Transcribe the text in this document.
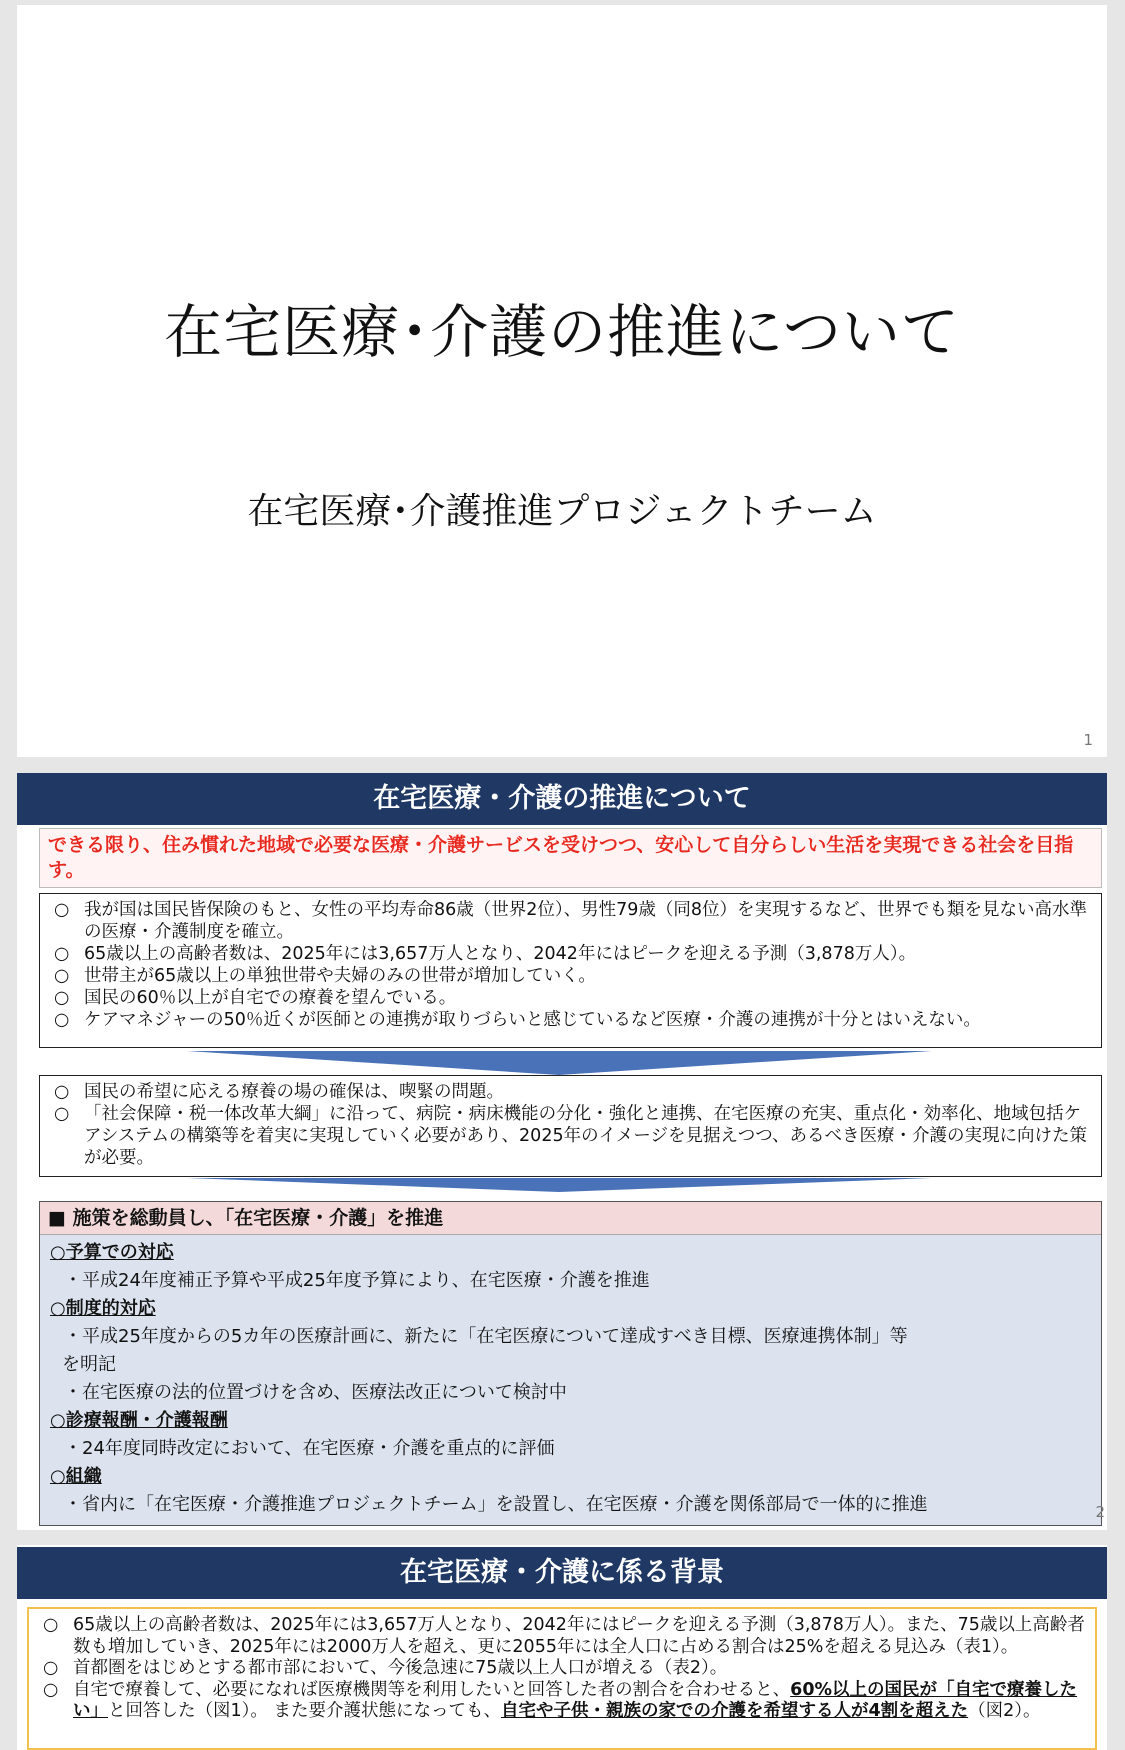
在宅医療･介護の推進について
在宅医療･介護推進プロジェクトチーム
1
在宅医療・介護の推進について
できる限り、住み慣れた地域で必要な医療・介護サービスを受けつつ、安心して自分らしい生活を実現できる社会を目指す。
○ 我が国は国民皆保険のもと、女性の平均寿命86歳（世界2位）、男性79歳（同8位）を実現するなど、世界でも類を見ない高水準の医療・介護制度を確立。
○ 65歳以上の高齢者数は、2025年には3,657万人となり、2042年にはピークを迎える予測（3,878万人）。
○ 世帯主が65歳以上の単独世帯や夫婦のみの世帯が増加していく。
○ 国民の60％以上が自宅での療養を望んでいる。
○ ケアマネジャーの50％近くが医師との連携が取りづらいと感じているなど医療・介護の連携が十分とはいえない。
○ 国民の希望に応える療養の場の確保は、喫緊の問題。
○ 「社会保障・税一体改革大綱」に沿って、病院・病床機能の分化・強化と連携、在宅医療の充実、重点化・効率化、地域包括ケアシステムの構築等を着実に実現していく必要があり、2025年のイメージを見据えつつ、あるべき医療・介護の実現に向けた策が必要。
■ 施策を総動員し、「在宅医療・介護」を推進
○予算での対応
・平成24年度補正予算や平成25年度予算により、在宅医療・介護を推進
○制度的対応
・平成25年度からの5カ年の医療計画に、新たに「在宅医療について達成すべき目標、医療連携体制」等
を明記
・在宅医療の法的位置づけを含め、医療法改正について検討中
○診療報酬・介護報酬
・24年度同時改定において、在宅医療・介護を重点的に評価
○組織
・省内に「在宅医療・介護推進プロジェクトチーム」を設置し、在宅医療・介護を関係部局で一体的に推進	2
在宅医療・介護に係る背景
○ 65歳以上の高齢者数は、2025年には3,657万人となり、2042年にはピークを迎える予測（3,878万人）。また、75歳以上高齢者数も増加していき、2025年には2000万人を超え、更に2055年には全人口に占める割合は25%を超える見込み（表1）。
○ 首都圏をはじめとする都市部において、今後急速に75歳以上人口が増える（表2）。
○ 自宅で療養して、必要になれば医療機関等を利用したいと回答した者の割合を合わせると、60%以上の国民が「自宅で療養したい」と回答した（図1）。 また要介護状態になっても、自宅や子供・親族の家での介護を希望する人が4割を超えた（図2）。
